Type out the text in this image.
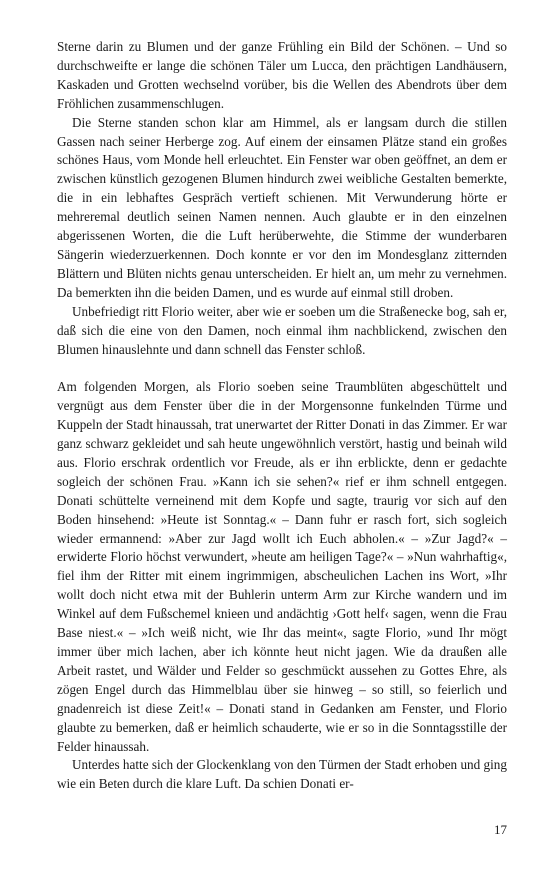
Sterne darin zu Blumen und der ganze Frühling ein Bild der Schönen. – Und so durchschweifte er lange die schönen Täler um Lucca, den prächtigen Landhäusern, Kaskaden und Grotten wechselnd vorüber, bis die Wellen des Abendrots über dem Fröhlichen zusammenschlugen.

Die Sterne standen schon klar am Himmel, als er langsam durch die stillen Gassen nach seiner Herberge zog. Auf einem der einsamen Plätze stand ein großes schönes Haus, vom Monde hell erleuchtet. Ein Fenster war oben geöffnet, an dem er zwischen künstlich gezogenen Blumen hindurch zwei weibliche Gestalten bemerkte, die in ein lebhaftes Gespräch vertieft schienen. Mit Verwunderung hörte er mehreremal deutlich seinen Namen nennen. Auch glaubte er in den einzelnen abgerissenen Worten, die die Luft herüberwehte, die Stimme der wunderbaren Sängerin wiederzuerkennen. Doch konnte er vor den im Mondesglanz zitternden Blättern und Blüten nichts genau unterscheiden. Er hielt an, um mehr zu vernehmen. Da bemerkten ihn die beiden Damen, und es wurde auf einmal still droben.

Unbefriedigt ritt Florio weiter, aber wie er soeben um die Straßenecke bog, sah er, daß sich die eine von den Damen, noch einmal ihm nachblickend, zwischen den Blumen hinauslehnte und dann schnell das Fenster schloß.

Am folgenden Morgen, als Florio soeben seine Traumblüten abgeschüttelt und vergnügt aus dem Fenster über die in der Morgensonne funkelnden Türme und Kuppeln der Stadt hinaussah, trat unerwartet der Ritter Donati in das Zimmer. Er war ganz schwarz gekleidet und sah heute ungewöhnlich verstört, hastig und beinah wild aus. Florio erschrak ordentlich vor Freude, als er ihn erblickte, denn er gedachte sogleich der schönen Frau. »Kann ich sie sehen?« rief er ihm schnell entgegen. Donati schüttelte verneinend mit dem Kopfe und sagte, traurig vor sich auf den Boden hinsehend: »Heute ist Sonntag.« – Dann fuhr er rasch fort, sich sogleich wieder ermannend: »Aber zur Jagd wollt ich Euch abholen.« – »Zur Jagd?« – erwiderte Florio höchst verwundert, »heute am heiligen Tage?« – »Nun wahrhaftig«, fiel ihm der Ritter mit einem ingrimmigen, abscheulichen Lachen ins Wort, »Ihr wollt doch nicht etwa mit der Buhlerin unterm Arm zur Kirche wandern und im Winkel auf dem Fußschemel knieen und andächtig ›Gott helf‹ sagen, wenn die Frau Base niest.« – »Ich weiß nicht, wie Ihr das meint«, sagte Florio, »und Ihr mögt immer über mich lachen, aber ich könnte heut nicht jagen. Wie da draußen alle Arbeit rastet, und Wälder und Felder so geschmückt aussehen zu Gottes Ehre, als zögen Engel durch das Himmelblau über sie hinweg – so still, so feierlich und gnadenreich ist diese Zeit!« – Donati stand in Gedanken am Fenster, und Florio glaubte zu bemerken, daß er heimlich schauderte, wie er so in die Sonntagsstille der Felder hinaussah.

Unterdes hatte sich der Glockenklang von den Türmen der Stadt erhoben und ging wie ein Beten durch die klare Luft. Da schien Donati er-

17
